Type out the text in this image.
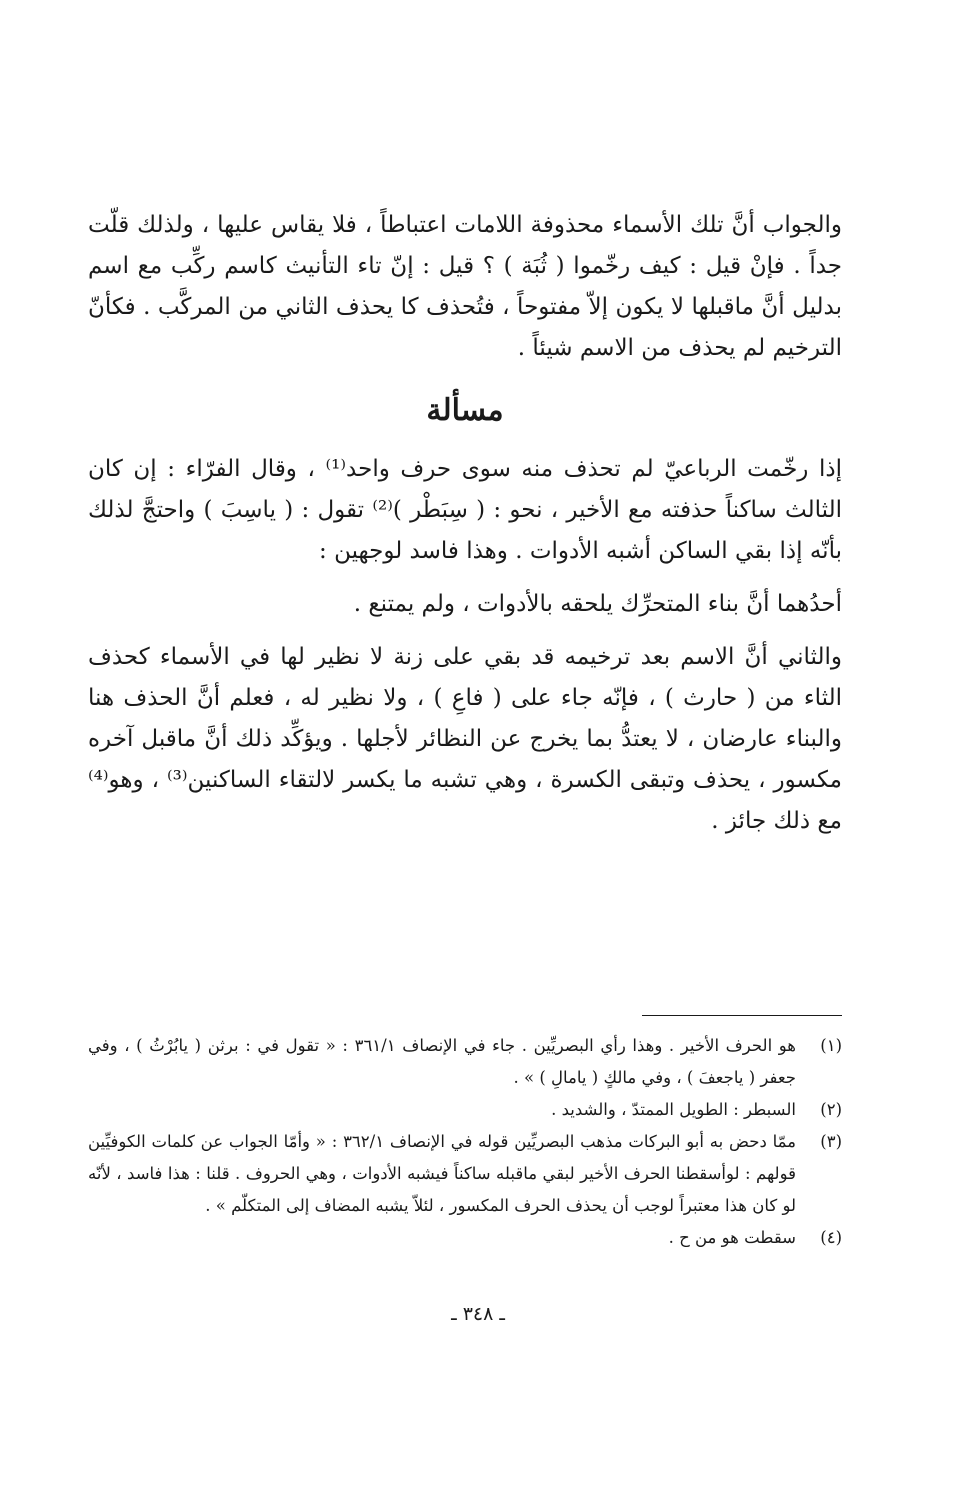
والجواب أنَّ تلك الأسماء محذوفة اللامات اعتباطاً ، فلا يقاس عليها ، ولذلك قلّت جداً . فإنْ قيل : كيف رخّموا ( ثُبَة ) ؟ قيل : إنّ تاء التأنيث كاسم ركِّب مع اسم بدليل أنَّ ماقبلها لا يكون إلاّ مفتوحاً ، فتُحذف كا يحذف الثاني من المركَّب . فكأنّ الترخيم لم يحذف من الاسم شيئاً .

مسألة

إذا رخّمت الرباعيّ لم تحذف منه سوى حرف واحد⁽¹⁾ ، وقال الفرّاء : إن كان الثالث ساكناً حذفته مع الأخير ، نحو : ( سِبَطْر )⁽²⁾ تقول : ( ياسِبَ ) واحتجَّ لذلك بأنّه إذا بقي الساكن أشبه الأدوات . وهذا فاسد لوجهين :

أحدُهما أنَّ بناء المتحرِّك يلحقه بالأدوات ، ولم يمتنع .

والثاني أنَّ الاسم بعد ترخيمه قد بقي على زنة لا نظير لها في الأسماء كحذف الثاء من ( حارث ) ، فإنّه جاء على ( فاعِ ) ، ولا نظير له ، فعلم أنَّ الحذف هنا والبناء عارضان ، لا يعتدُّ بما يخرج عن النظائر لأجلها . ويؤكِّد ذلك أنَّ ماقبل آخره مكسور ، يحذف وتبقى الكسرة ، وهي تشبه ما يكسر لالتقاء الساكنين⁽³⁾ ، وهو⁽⁴⁾ مع ذلك جائز .

(١)
هو الحرف الأخير . وهذا رأي البصريِّين . جاء في الإنصاف ٣٦١/١ : « تقول في : برثن ( يابُرْثُ ) ، وفي جعفر ( ياجعفَ ) ، وفي مالكٍ ( يامالِ ) » .
(٢)
السبطر : الطويل الممتدّ ، والشديد .
(٣)
ممّا دحض به أبو البركات مذهب البصريِّين قوله في الإنصاف ٣٦٢/١ : « وأمّا الجواب عن كلمات الكوفيِّين قولهم : لوأسقطنا الحرف الأخير لبقي ماقبله ساكناً فيشبه الأدوات ، وهي الحروف . قلنا : هذا فاسد ، لأنّه لو كان هذا معتبراً لوجب أن يحذف الحرف المكسور ، لئلاّ يشبه المضاف إلى المتكلّم » .
(٤)
سقطت هو من ح .
ـ ٣٤٨ ـ
